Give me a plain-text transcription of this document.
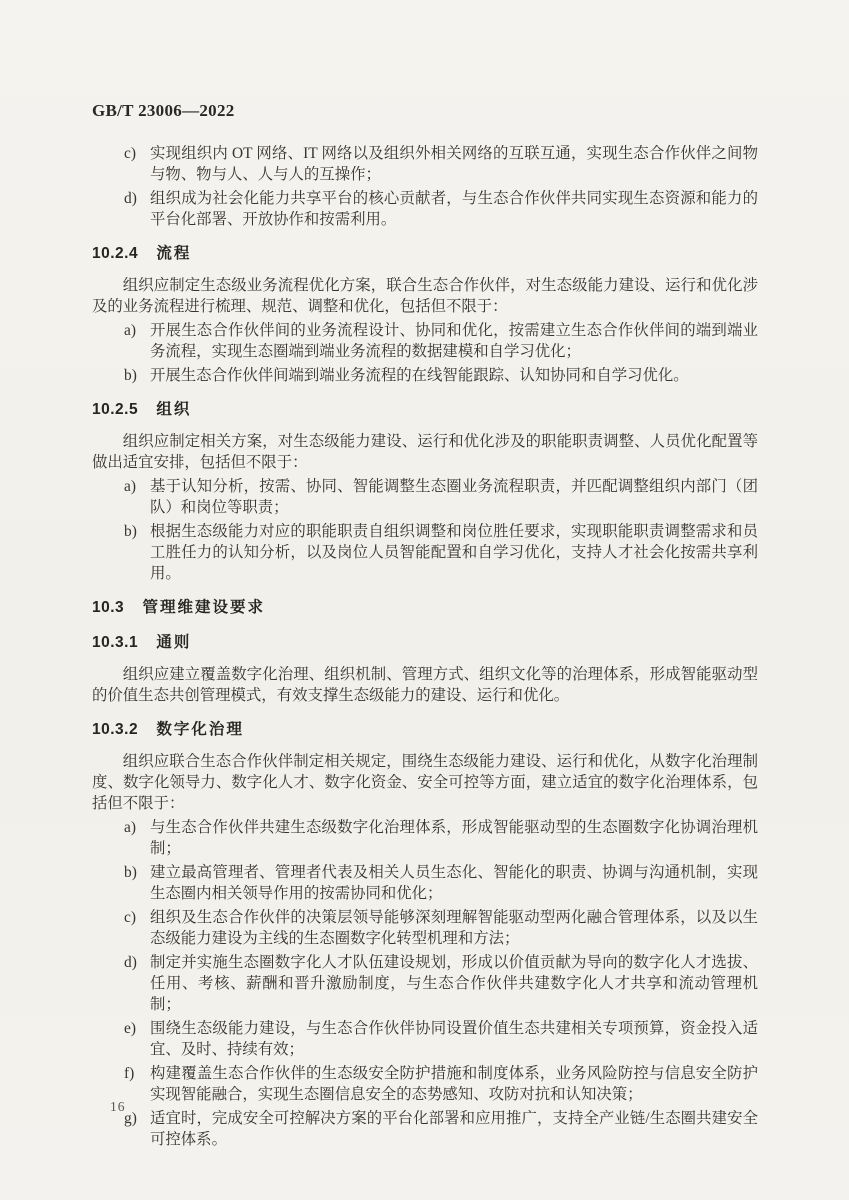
GB/T 23006—2022
c) 实现组织内 OT 网络、IT 网络以及组织外相关网络的互联互通，实现生态合作伙伴之间物与物、物与人、人与人的互操作；
d) 组织成为社会化能力共享平台的核心贡献者，与生态合作伙伴共同实现生态资源和能力的平台化部署、开放协作和按需利用。
10.2.4 流程

组织应制定生态级业务流程优化方案，联合生态合作伙伴，对生态级能力建设、运行和优化涉及的业务流程进行梳理、规范、调整和优化，包括但不限于：

a) 开展生态合作伙伴间的业务流程设计、协同和优化，按需建立生态合作伙伴间的端到端业务流程，实现生态圈端到端业务流程的数据建模和自学习优化；
b) 开展生态合作伙伴间端到端业务流程的在线智能跟踪、认知协同和自学习优化。
10.2.5 组织

组织应制定相关方案，对生态级能力建设、运行和优化涉及的职能职责调整、人员优化配置等做出适宜安排，包括但不限于：

a) 基于认知分析，按需、协同、智能调整生态圈业务流程职责，并匹配调整组织内部门（团队）和岗位等职责；
b) 根据生态级能力对应的职能职责自组织调整和岗位胜任要求，实现职能职责调整需求和员工胜任力的认知分析，以及岗位人员智能配置和自学习优化，支持人才社会化按需共享利用。
10.3 管理维建设要求
10.3.1 通则

组织应建立覆盖数字化治理、组织机制、管理方式、组织文化等的治理体系，形成智能驱动型的价值生态共创管理模式，有效支撑生态级能力的建设、运行和优化。

10.3.2 数字化治理

组织应联合生态合作伙伴制定相关规定，围绕生态级能力建设、运行和优化，从数字化治理制度、数字化领导力、数字化人才、数字化资金、安全可控等方面，建立适宜的数字化治理体系，包括但不限于：

a) 与生态合作伙伴共建生态级数字化治理体系，形成智能驱动型的生态圈数字化协调治理机制；
b) 建立最高管理者、管理者代表及相关人员生态化、智能化的职责、协调与沟通机制，实现生态圈内相关领导作用的按需协同和优化；
c) 组织及生态合作伙伴的决策层领导能够深刻理解智能驱动型两化融合管理体系，以及以生态级能力建设为主线的生态圈数字化转型机理和方法；
d) 制定并实施生态圈数字化人才队伍建设规划，形成以价值贡献为导向的数字化人才选拔、任用、考核、薪酬和晋升激励制度，与生态合作伙伴共建数字化人才共享和流动管理机制；
e) 围绕生态级能力建设，与生态合作伙伴协同设置价值生态共建相关专项预算，资金投入适宜、及时、持续有效；
f) 构建覆盖生态合作伙伴的生态级安全防护措施和制度体系，业务风险防控与信息安全防护实现智能融合，实现生态圈信息安全的态势感知、攻防对抗和认知决策；
g) 适宜时，完成安全可控解决方案的平台化部署和应用推广，支持全产业链/生态圈共建安全可控体系。
16
